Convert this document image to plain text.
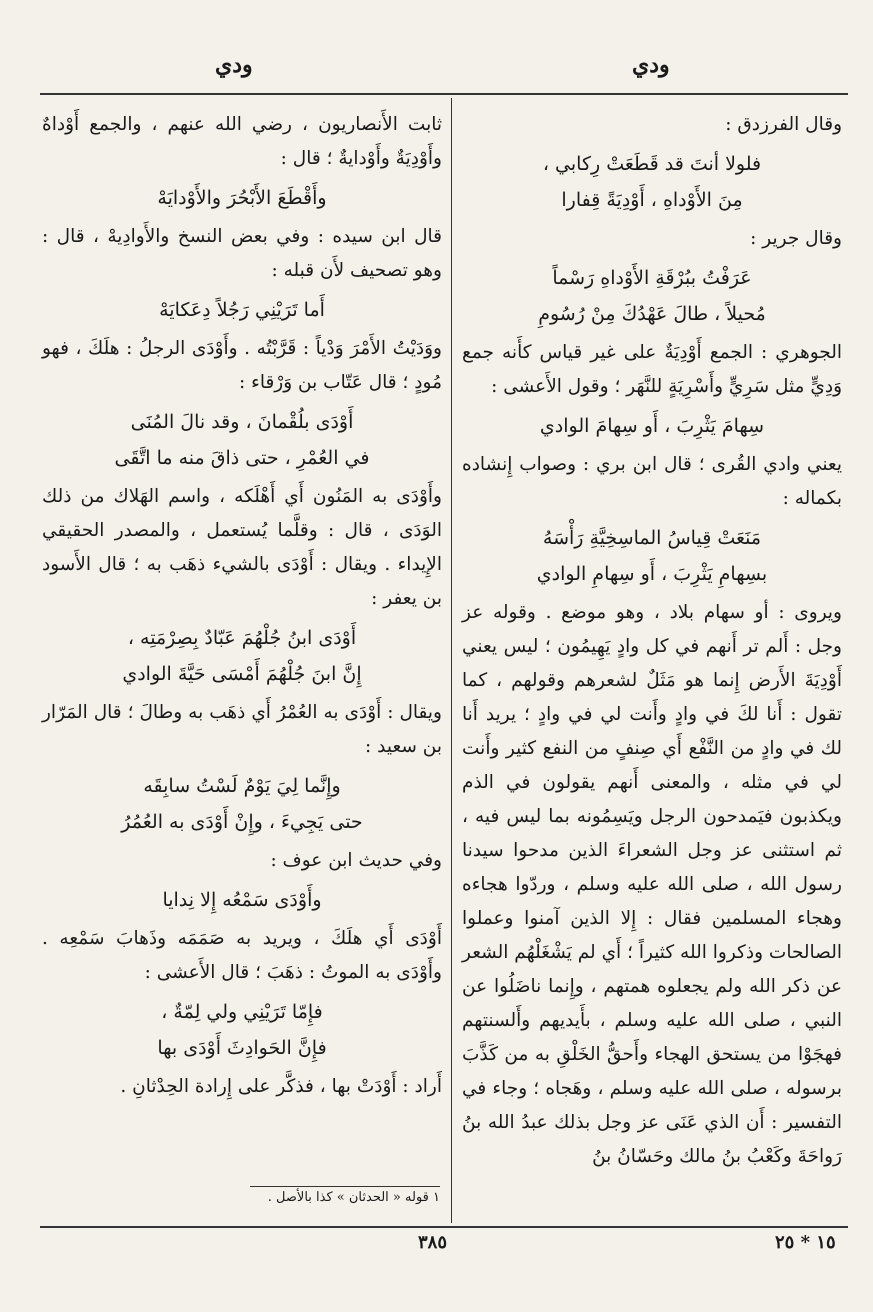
ودي	ودي

وقال الفرزدق :

فلولا أنتَ قد قَطَعَتْ رِكابي ،
مِنَ الأَوْداهِ ، أَوْدِيَةً قِفارا

وقال جرير :

عَرَفْتُ ببُرْقَةِ الأَوْداهِ رَسْماً
مُحيلاً ، طالَ عَهْدُكَ مِنْ رُسُومِ

الجوهري : الجمع أَوْدِيَةٌ على غير قياس كأَنه جمع وَدِيٍّ مثل سَرِيٍّ وأَسْرِيَةٍ للنَّهَر ؛ وقول الأَعشى :

سِهامَ يَثْرِبَ ، أَو سِهامَ الوادي

يعني وادي القُرى ؛ قال ابن بري : وصواب إِنشاده بكماله :

مَنَعَتْ قِياسُ الماسِخِيَّةِ رَأْسَهُ
بسِهامِ يَثْرِبَ ، أَو سِهامِ الوادي

ويروى : أو سهام بلاد ، وهو موضع . وقوله عز وجل : أَلم تر أَنهم في كل وادٍ يَهِيمُون ؛ ليس يعني أَوْدِيَةَ الأَرض إِنما هو مَثَلٌ لشعرهم وقولهم ، كما تقول : أَنا لكَ في وادٍ وأَنت لي في وادٍ ؛ يريد أَنا لك في وادٍ من النَّفْع أَي صِنفٍ من النفع كثير وأَنت لي في مثله ، والمعنى أَنهم يقولون في الذم ويكذبون فيَمدحون الرجل ويَسِمُونه بما ليس فيه ، ثم استثنى عز وجل الشعراءَ الذين مدحوا سيدنا رسول الله ، صلى الله عليه وسلم ، وردّوا هجاءه وهجاء المسلمين فقال : إِلا الذين آمنوا وعملوا الصالحات وذكروا الله كثيراً ؛ أَي لم يَشْغَلْهُم الشعر عن ذكر الله ولم يجعلوه همتهم ، وإِنما ناضَلُوا عن النبي ، صلى الله عليه وسلم ، بأَيديهم وأَلسنتهم فهجَوْا من يستحق الهجاء وأَحقُّ الخَلْقِ به من كَذَّبَ برسوله ، صلى الله عليه وسلم ، وهَجاه ؛ وجاء في التفسير : أَن الذي عَنَى عز وجل بذلك عبدُ الله بنُ رَواحَةَ وكَعْبُ بنُ مالك وحَسّانُ بنُ

ثابت الأَنصاريون ، رضي الله عنهم ، والجمع أَوْداهٌ وأَوْدِيَةٌ وأَوْدايةٌ ؛ قال :

وأَقْطَعَ الأَبْحُرَ والأَوْدايَهْ

قال ابن سيده : وفي بعض النسخ والأَوادِيهْ ، قال : وهو تصحيف لأَن قبله :

أَما تَرَيْنِي رَجُلاً دِعَكايَهْ

ووَدَيْتُ الأَمْرَ وَدْياً : قَرَّبْتُه . وأَوْدَى الرجلُ : هلَكَ ، فهو مُودٍ ؛ قال عَتّاب بن وَرْقاء :

أَوْدَى بلُقْمانَ ، وقد نالَ المُنَى
في العُمْرِ ، حتى ذاقَ منه ما اتَّقَى

وأَوْدَى به المَنُون أَي أَهْلَكه ، واسم الهَلاك من ذلك الوَدَى ، قال : وقلَّما يُستعمل ، والمصدر الحقيقي الإِيداء . ويقال : أَوْدَى بالشيء ذهَب به ؛ قال الأَسود بن يعفر :

أَوْدَى ابنُ جُلْهُمَ عَبّادٌ بِصِرْمَتِه ،
إِنَّ ابنَ جُلْهُمَ أَمْسَى حَيَّةَ الوادي

ويقال : أَوْدَى به العُمْرُ أَي ذهَب به وطالَ ؛ قال المَرّار بن سعيد :

وإِنَّما لِيَ يَوْمٌ لَسْتُ سابِقَه
حتى يَجِيءَ ، وإِنْ أَوْدَى به العُمُرُ

وفي حديث ابن عوف :

وأَوْدَى سَمْعُه إِلا نِدايا

أَوْدَى أَي هلَكَ ، ويريد به صَمَمَه وذَهابَ سَمْعِه . وأَوْدَى به الموتُ : ذهَبَ ؛ قال الأَعشى :

فإِمّا تَرَيْنِي ولي لِمّةٌ ،
فإِنَّ الحَوادِثَ أَوْدَى بها

أَراد : أَوْدَتْ بها ، فذكَّر على إِرادة الحِدْثانِ .

١ قوله « الحدثان » كذا بالأصل .
٣٨٥	١٥ * ٢٥
